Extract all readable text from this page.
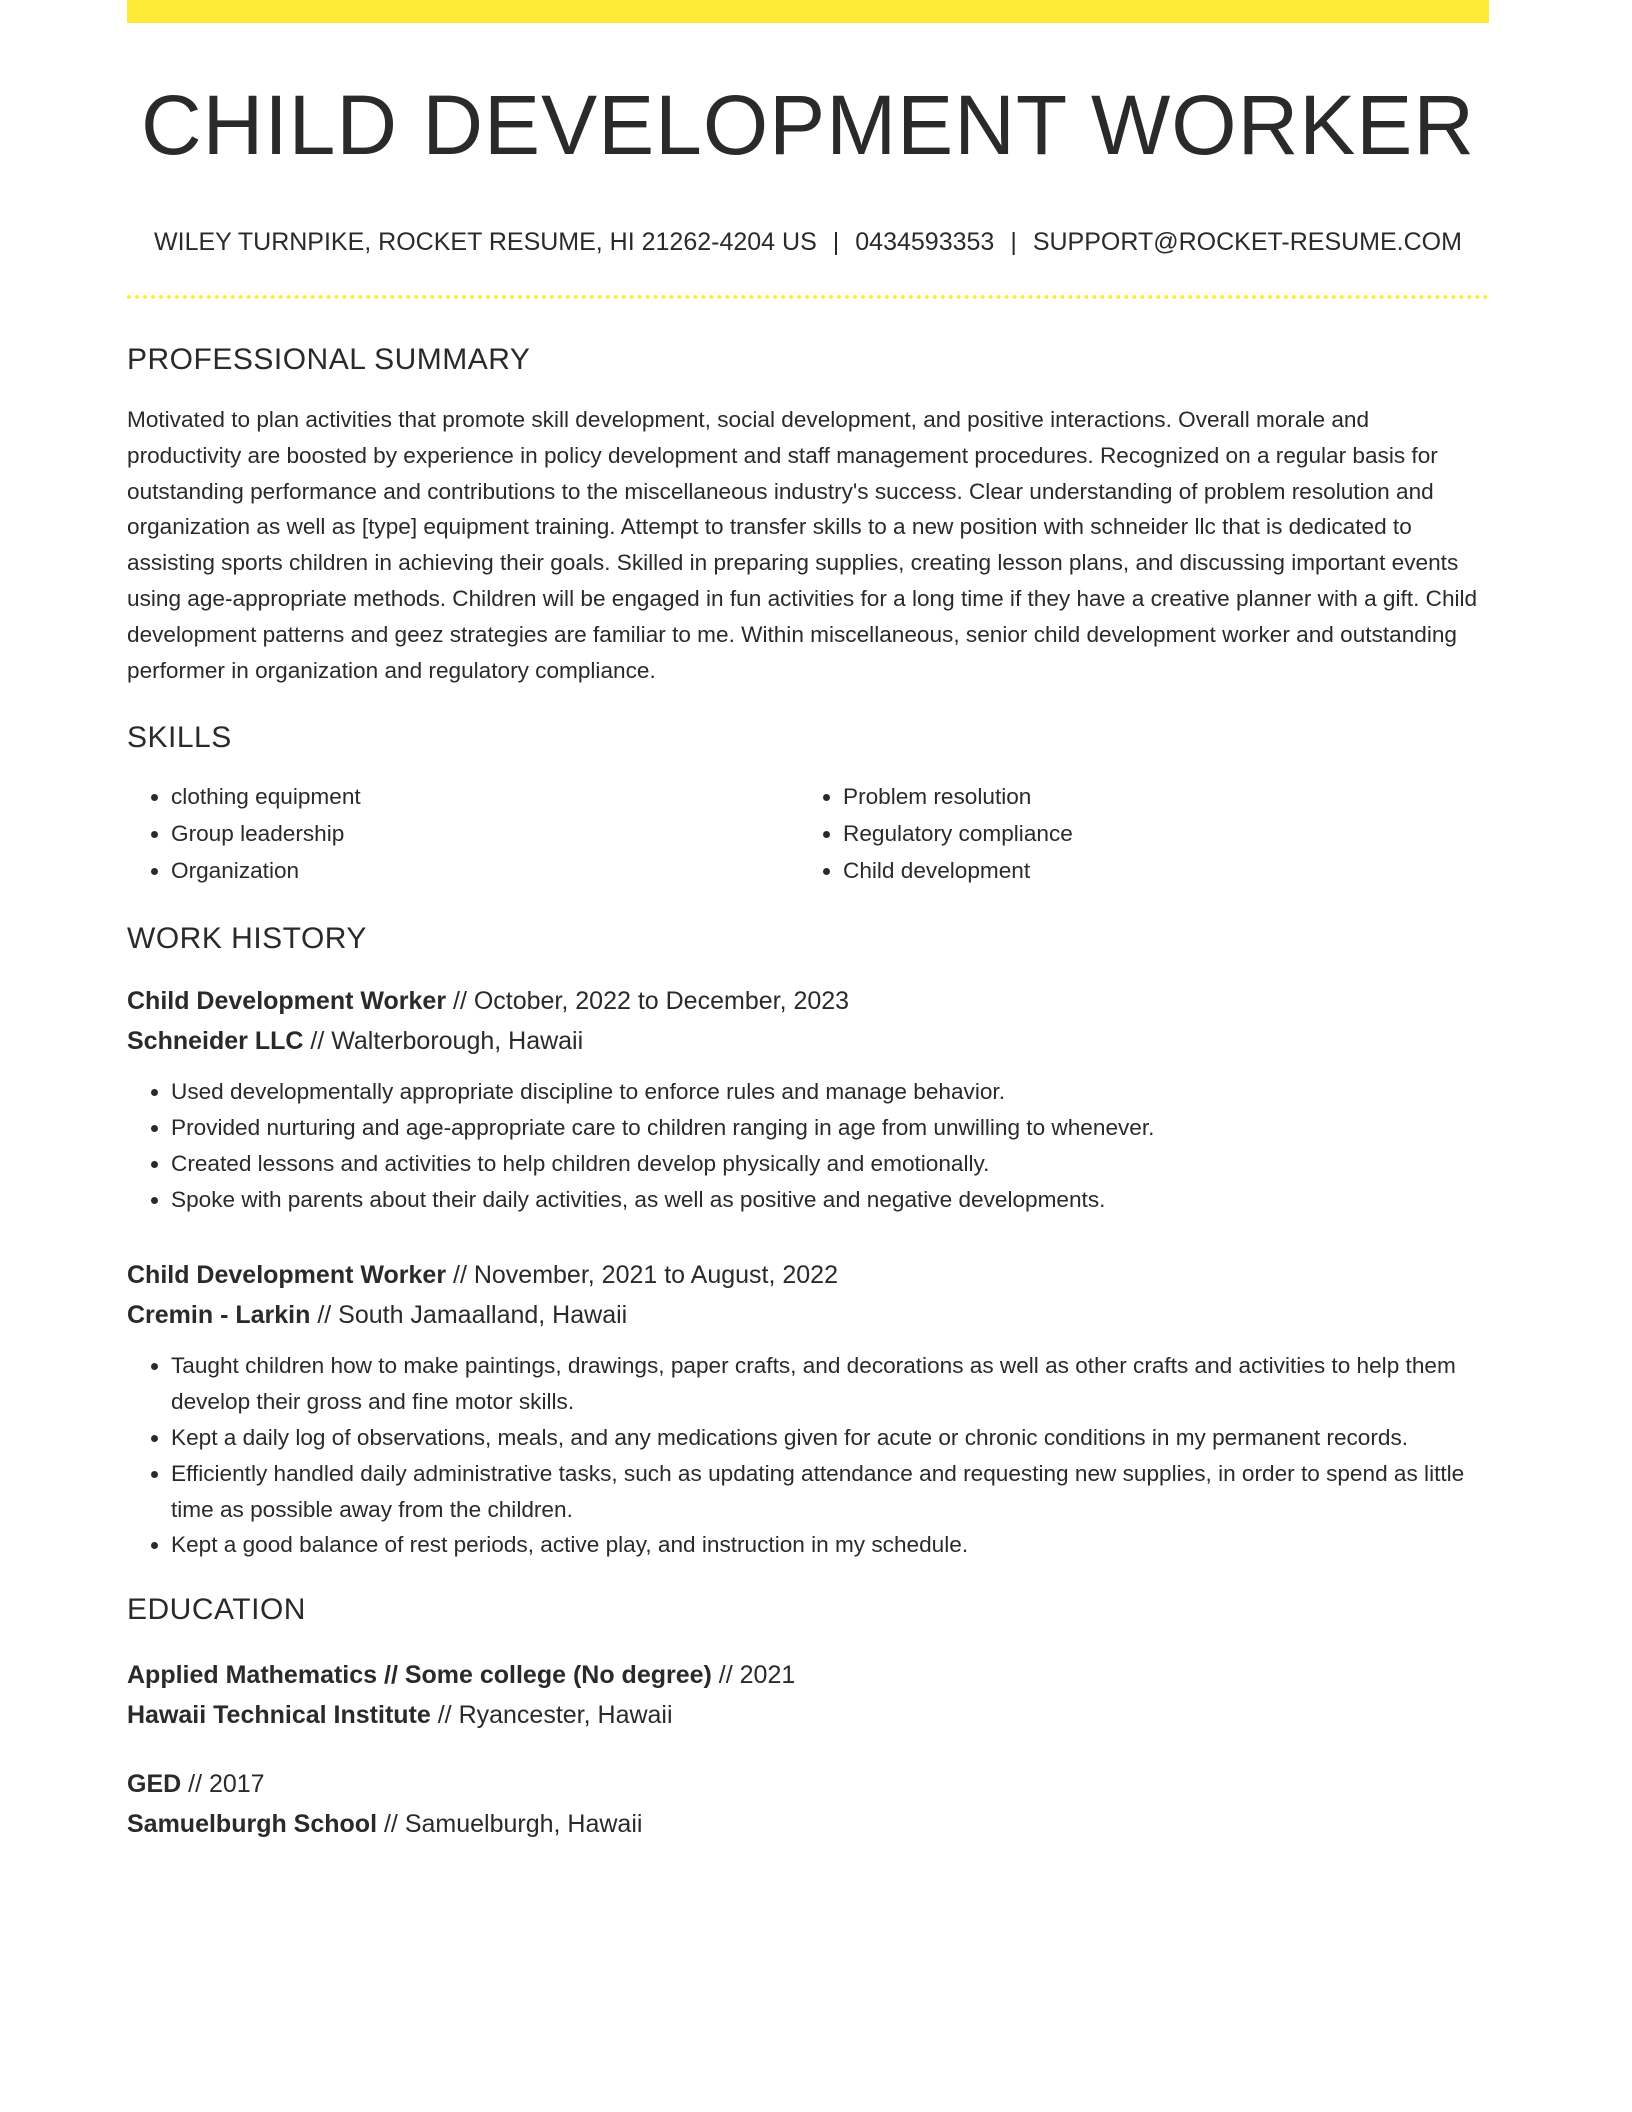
CHILD DEVELOPMENT WORKER
WILEY TURNPIKE, ROCKET RESUME, HI 21262-4204 US | 0434593353 | SUPPORT@ROCKET-RESUME.COM
PROFESSIONAL SUMMARY

Motivated to plan activities that promote skill development, social development, and positive interactions. Overall morale and productivity are boosted by experience in policy development and staff management procedures. Recognized on a regular basis for outstanding performance and contributions to the miscellaneous industry's success. Clear understanding of problem resolution and organization as well as [type] equipment training. Attempt to transfer skills to a new position with schneider llc that is dedicated to assisting sports children in achieving their goals. Skilled in preparing supplies, creating lesson plans, and discussing important events using age-appropriate methods. Children will be engaged in fun activities for a long time if they have a creative planner with a gift. Child development patterns and geez strategies are familiar to me. Within miscellaneous, senior child development worker and outstanding performer in organization and regulatory compliance.

SKILLS
• clothing equipment
• Group leadership
• Organization
• Problem resolution
• Regulatory compliance
• Child development
WORK HISTORY
Child Development Worker // October, 2022 to December, 2023
Schneider LLC // Walterborough, Hawaii
• Used developmentally appropriate discipline to enforce rules and manage behavior.
• Provided nurturing and age-appropriate care to children ranging in age from unwilling to whenever.
• Created lessons and activities to help children develop physically and emotionally.
• Spoke with parents about their daily activities, as well as positive and negative developments.
Child Development Worker // November, 2021 to August, 2022
Cremin - Larkin // South Jamaalland, Hawaii
• Taught children how to make paintings, drawings, paper crafts, and decorations as well as other crafts and activities to help them develop their gross and fine motor skills.
• Kept a daily log of observations, meals, and any medications given for acute or chronic conditions in my permanent records.
• Efficiently handled daily administrative tasks, such as updating attendance and requesting new supplies, in order to spend as little time as possible away from the children.
• Kept a good balance of rest periods, active play, and instruction in my schedule.
EDUCATION
Applied Mathematics // Some college (No degree) // 2021
Hawaii Technical Institute // Ryancester, Hawaii
GED // 2017
Samuelburgh School // Samuelburgh, Hawaii
